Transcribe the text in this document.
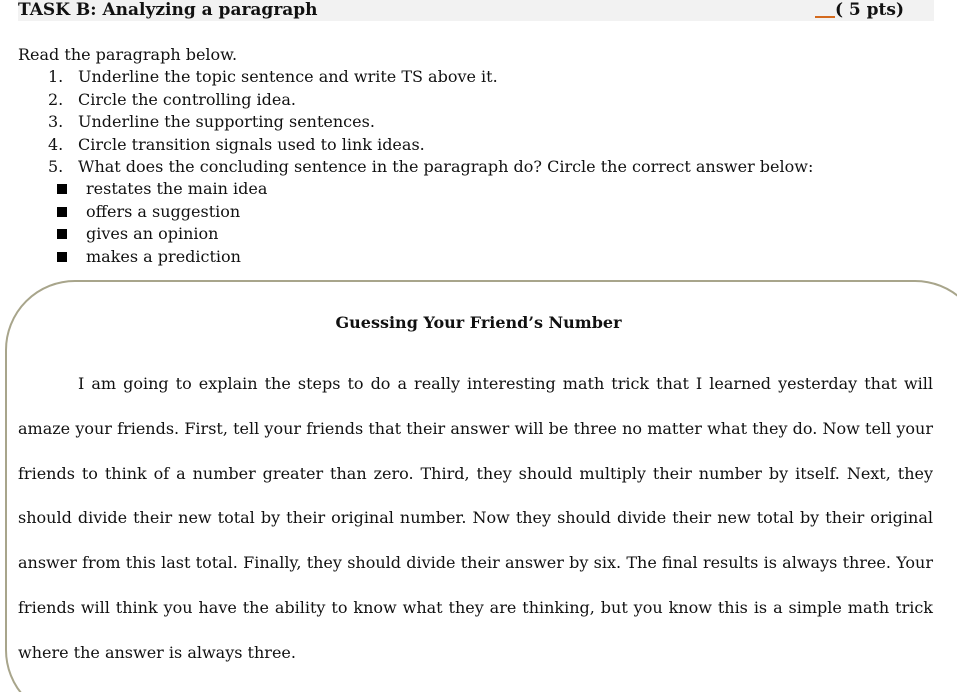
TASK B: Analyzing a paragraph	( 5 pts)

Read the paragraph below.

1. Underline the topic sentence and write TS above it.
2. Circle the controlling idea.
3. Underline the supporting sentences.
4. Circle transition signals used to link ideas.
5. What does the concluding sentence in the paragraph do? Circle the correct answer below:
restates the main idea
offers a suggestion
gives an opinion
makes a prediction
Guessing Your Friend’s Number

I am going to explain the steps to do a really interesting math trick that I learned yesterday that will amaze your friends. First, tell your friends that their answer will be three no matter what they do. Now tell your friends to think of a number greater than zero. Third, they should multiply their number by itself. Next, they should divide their new total by their original number. Now they should divide their new total by their original answer from this last total. Finally, they should divide their answer by six. The final results is always three. Your friends will think you have the ability to know what they are thinking, but you know this is a simple math trick where the answer is always three.
